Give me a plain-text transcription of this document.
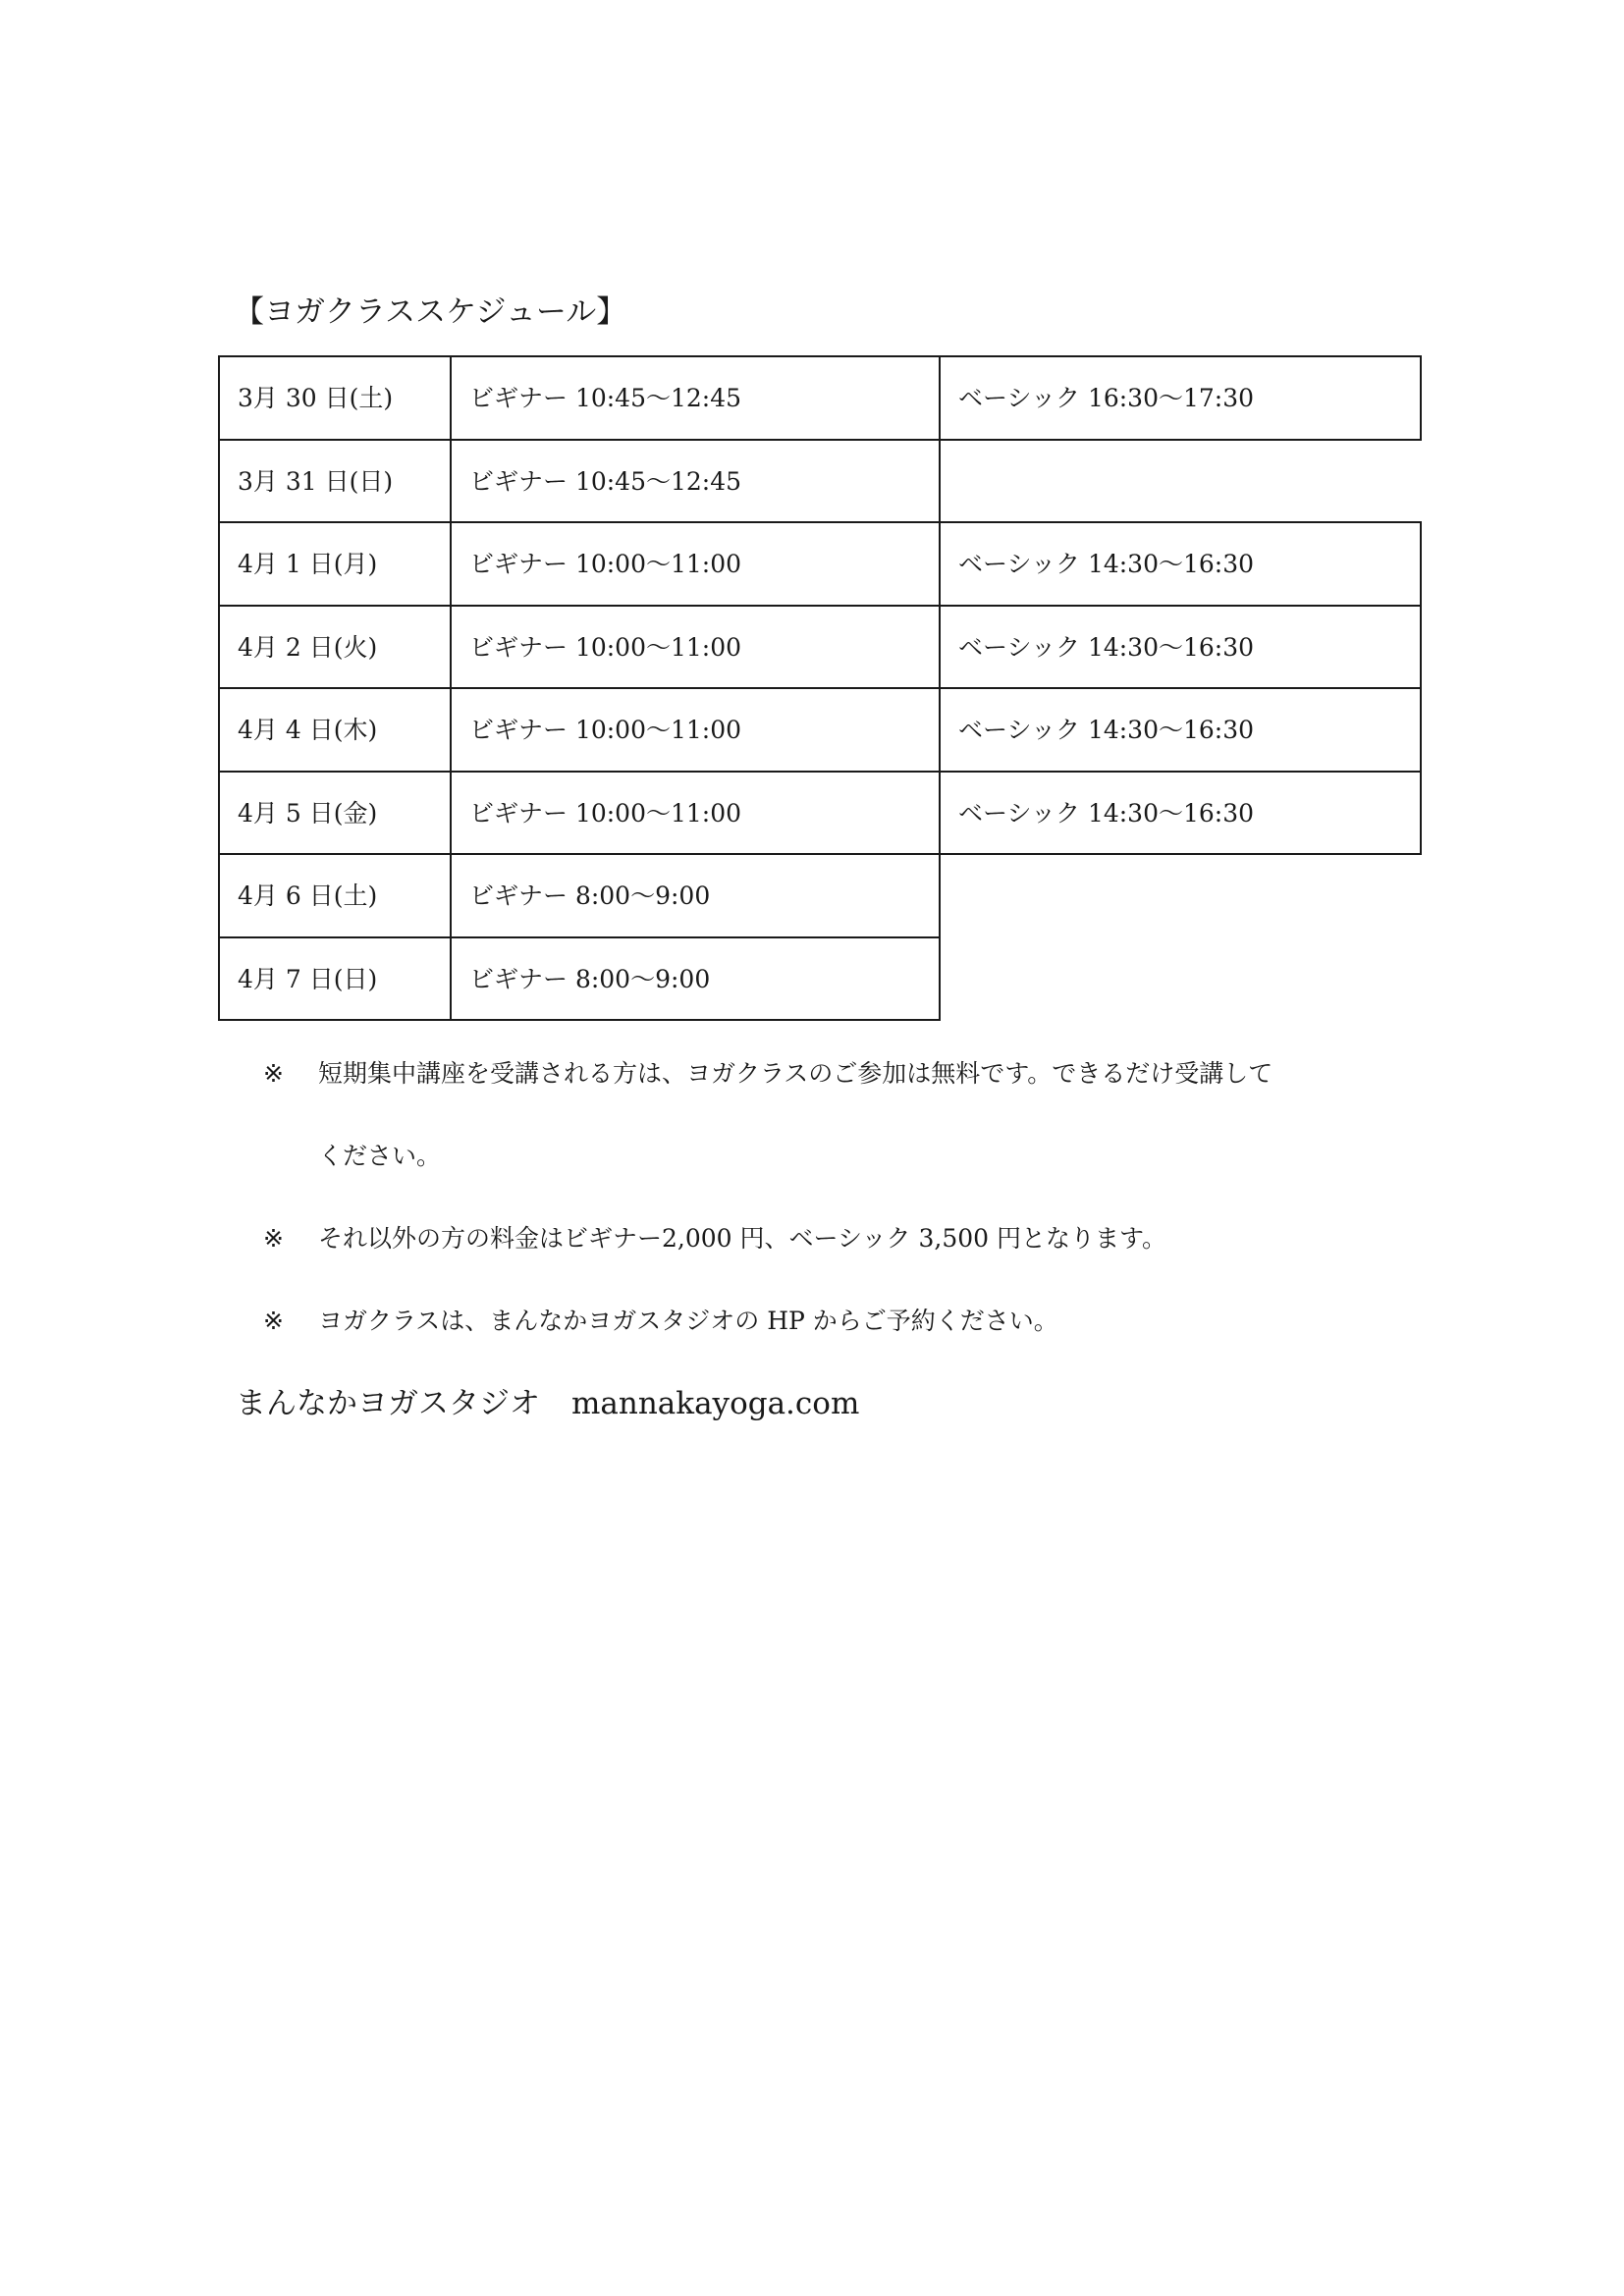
【ヨガクラススケジュール】
3月 30 日(土)	ビギナー 10:45〜12:45	ベーシック 16:30〜17:30
3月 31 日(日)	ビギナー 10:45〜12:45
4月 1 日(月)	ビギナー 10:00〜11:00	ベーシック 14:30〜16:30
4月 2 日(火)	ビギナー 10:00〜11:00	ベーシック 14:30〜16:30
4月 4 日(木)	ビギナー 10:00〜11:00	ベーシック 14:30〜16:30
4月 5 日(金)	ビギナー 10:00〜11:00	ベーシック 14:30〜16:30
4月 6 日(土)	ビギナー 8:00〜9:00
4月 7 日(日)	ビギナー 8:00〜9:00
※ 短期集中講座を受講される方は、ヨガクラスのご参加は無料です。できるだけ受講して
ください。
※ それ以外の方の料金はビギナー2,000 円、ベーシック 3,500 円となります。
※ ヨガクラスは、まんなかヨガスタジオの HP からご予約ください。
まんなかヨガスタジオ mannakayoga.com
